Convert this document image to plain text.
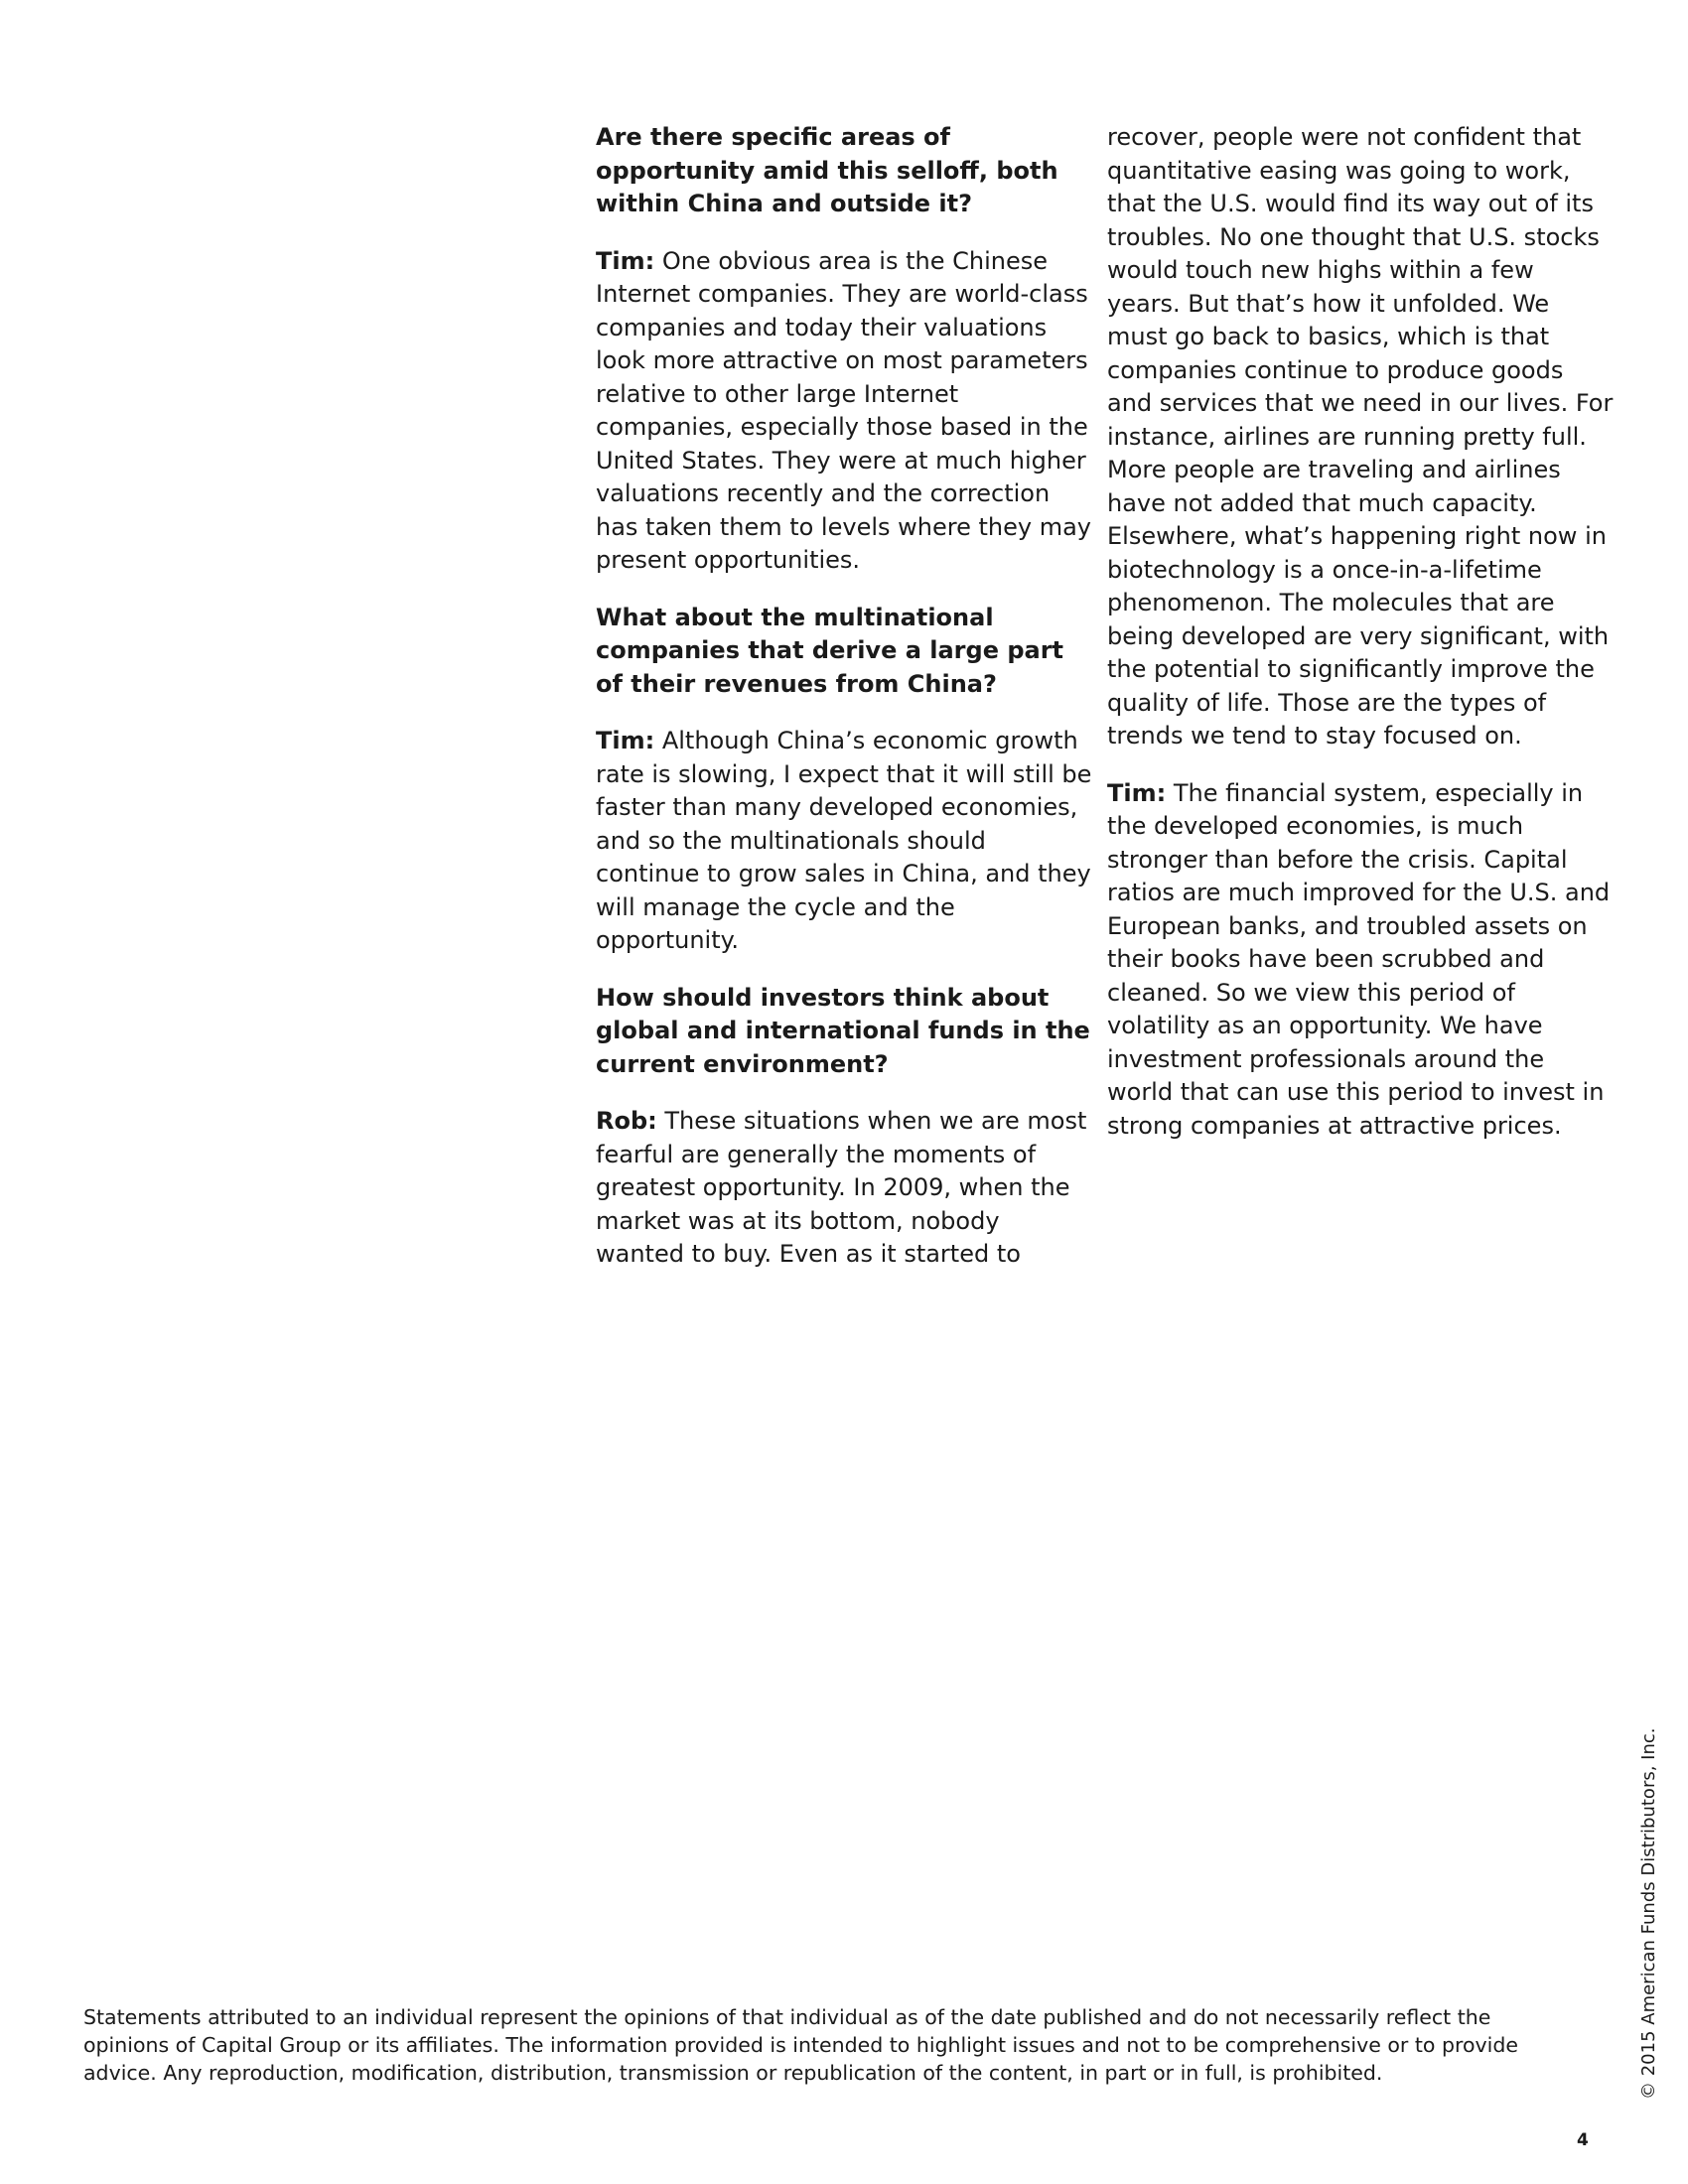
Are there specific areas of opportunity amid this selloff, both within China and outside it?

Tim: One obvious area is the Chinese Internet companies. They are world-class companies and today their valuations look more attractive on most parameters relative to other large Internet companies, especially those based in the United States. They were at much higher valuations recently and the correction has taken them to levels where they may present opportunities.

What about the multinational companies that derive a large part of their revenues from China?

Tim: Although China’s economic growth rate is slowing, I expect that it will still be faster than many developed economies, and so the multinationals should continue to grow sales in China, and they will manage the cycle and the opportunity.

How should investors think about global and international funds in the current environment?

Rob: These situations when we are most fearful are generally the moments of greatest opportunity. In 2009, when the market was at its bottom, nobody wanted to buy. Even as it started to

recover, people were not confident that quantitative easing was going to work, that the U.S. would find its way out of its troubles. No one thought that U.S. stocks would touch new highs within a few years. But that’s how it unfolded. We must go back to basics, which is that companies continue to produce goods and services that we need in our lives. For instance, airlines are running pretty full. More people are traveling and airlines have not added that much capacity. Elsewhere, what’s happening right now in biotechnology is a once-in-a-lifetime phenomenon. The molecules that are being developed are very significant, with the potential to significantly improve the quality of life. Those are the types of trends we tend to stay focused on.

Tim: The financial system, especially in the developed economies, is much stronger than before the crisis. Capital ratios are much improved for the U.S. and European banks, and troubled assets on their books have been scrubbed and cleaned. So we view this period of volatility as an opportunity. We have investment professionals around the world that can use this period to invest in strong companies at attractive prices.

Statements attributed to an individual represent the opinions of that individual as of the date published and do not necessarily reflect the opinions of Capital Group or its affiliates. The information provided is intended to highlight issues and not to be comprehensive or to provide advice. Any reproduction, modification, distribution, transmission or republication of the content, in part or in full, is prohibited.
4
© 2015 American Funds Distributors, Inc.
